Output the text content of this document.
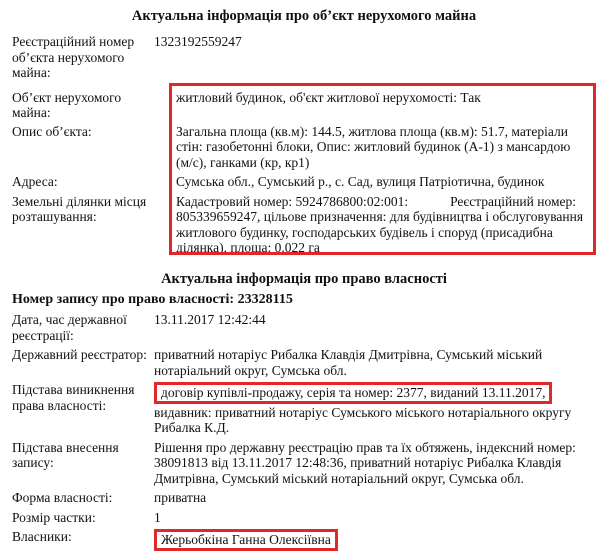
Актуальна інформація про об’єкт нерухомого майна
Реєстраційний номер об’єкта нерухомого майна:
1323192559247
Об’єкт нерухомого майна:
житловий будинок, об'єкт житлової нерухомості: Так
Опис об’єкта:	Загальна площа (кв.м): 144.5, житлова площа (кв.м): 51.7, матеріали стін: газобетонні блоки, Опис: житловий будинок (А-1) з мансардою (м/с), ганками (кр, кр1)
Адреса:	Сумська обл., Сумський р., с. Сад, вулиця Патріотична, будинок
Земельні ділянки місця розташування:
Кадастровий номер: 5924786800:02:001:	Реєстраційний номер: 805339659247, цільове призначення: для будівництва і обслуговування житлового будинку, господарських будівель і споруд (присадибна ділянка), площа: 0.022 га
Актуальна інформація про право власності
Номер запису про право власності: 23328115
Дата, час державної реєстрації:
13.11.2017 12:42:44
Державний реєстратор: приватний нотаріус Рибалка Клавдія Дмитрівна, Сумський міський нотаріальний округ, Сумська обл.
Підстава виникнення права власності:
договір купівлі-продажу, серія та номер: 2377, виданий 13.11.2017, видавник: приватний нотаріус Сумського міського нотаріального округу Рибалка К.Д.
Підстава внесення запису:
Рішення про державну реєстрацію прав та їх обтяжень, індексний номер: 38091813 від 13.11.2017 12:48:36, приватний нотаріус Рибалка Клавдія Дмитрівна, Сумський міський нотаріальний округ, Сумська обл.
Форма власності:	приватна
Розмір частки:	1
Власники:	Жерьобкіна Ганна Олексіївна
